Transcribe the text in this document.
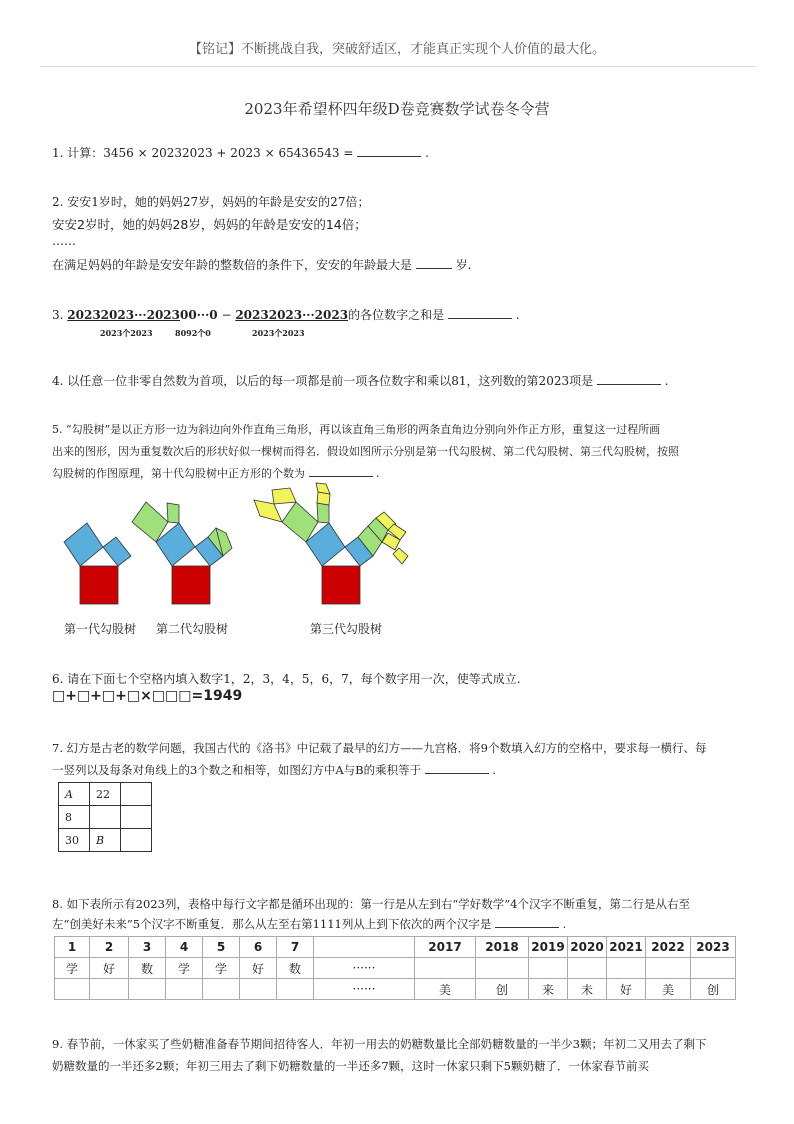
【铭记】不断挑战自我，突破舒适区，才能真正实现个人价值的最大化。
2023年希望杯四年级D卷竞赛数学试卷冬令营
1. 计算：3456 × 20232023 + 2023 × 65436543 =	.
2. 安安1岁时，她的妈妈27岁，妈妈的年龄是安安的27倍；
安安2岁时，她的妈妈28岁，妈妈的年龄是安安的14倍；
……
在满足妈妈的年龄是安安年龄的整数倍的条件下，安安的年龄最大是	岁.
3. 20232023···202300···0 − 20232023···2023的各位数字之和是	.
2023个2023	8092个0	2023个2023
4. 以任意一位非零自然数为首项，以后的每一项都是前一项各位数字和乘以81，这列数的第2023项是	.
5. “勾股树”是以正方形一边为斜边向外作直角三角形，再以该直角三角形的两条直角边分别向外作正方形，重复这一过程所画
出来的图形，因为重复数次后的形状好似一棵树而得名．假设如图所示分别是第一代勾股树、第二代勾股树、第三代勾股树，按照
勾股树的作图原理，第十代勾股树中正方形的个数为	.
第一代勾股树 第二代勾股树	第三代勾股树
6. 请在下面七个空格内填入数字1，2，3，4，5，6，7，每个数字用一次，使等式成立.
□+□+□+□×□□□=1949
7. 幻方是古老的数学问题，我国古代的《洛书》中记载了最早的幻方——九宫格．将9个数填入幻方的空格中，要求每一横行、每
一竖列以及每条对角线上的3个数之和相等，如图幻方中A与B的乘积等于	.
A	22	
8		
30	B	
8. 如下表所示有2023列，表格中每行文字都是循环出现的：第一行是从左到右“学好数学”4个汉字不断重复，第二行是从右至
左“创美好未来”5个汉字不断重复．那么从左至右第1111列从上到下依次的两个汉字是	.
1	2	3	4	5	6	7		2017	2018	2019	2020	2021	2022	2023
学	好	数	学	学	好	数	······							
							······	美	创	来	未	好	美	创
9. 春节前，一休家买了些奶糖准备春节期间招待客人．年初一用去的奶糖数量比全部奶糖数量的一半少3颗；年初二又用去了剩下
奶糖数量的一半还多2颗；年初三用去了剩下奶糖数量的一半还多7颗，这时一休家只剩下5颗奶糖了．一休家春节前买
